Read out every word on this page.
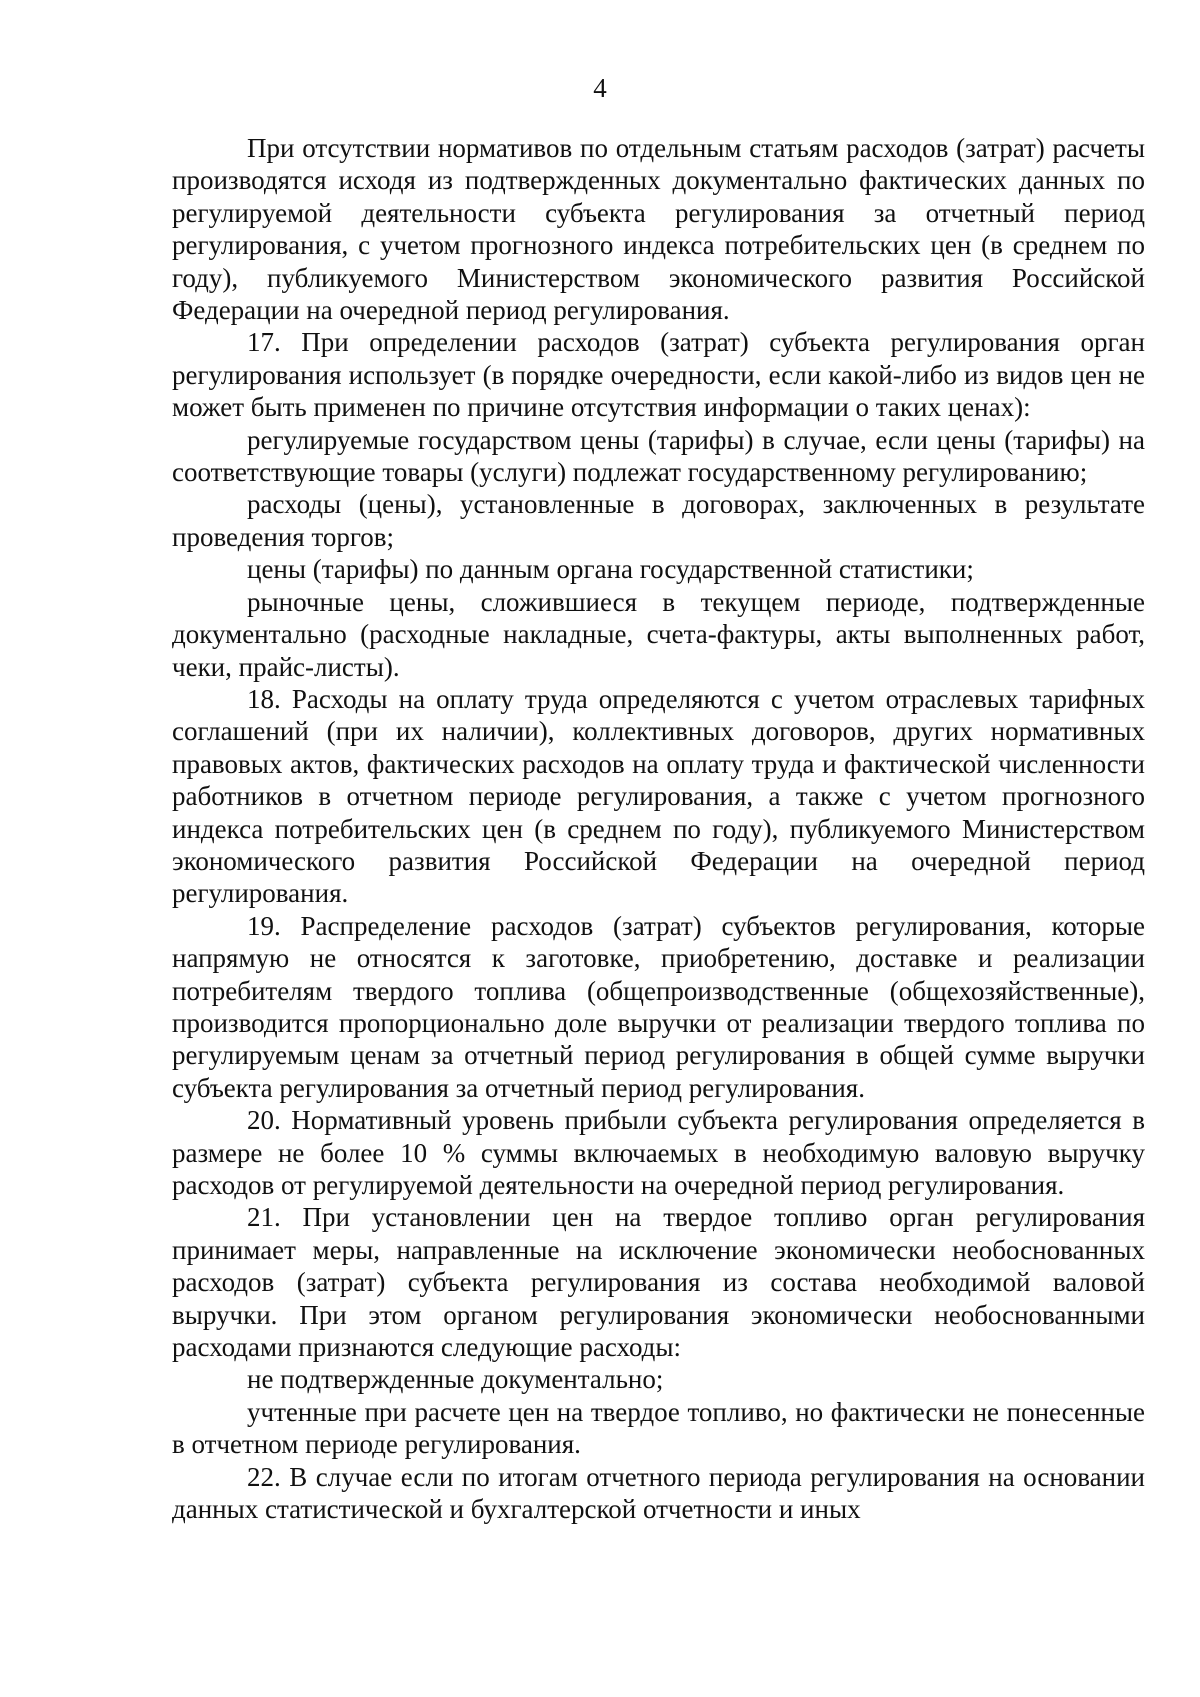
4

При отсутствии нормативов по отдельным статьям расходов (затрат) расчеты производятся исходя из подтвержденных документально фактических данных по регулируемой деятельности субъекта регулирования за отчетный период регулирования, с учетом прогнозного индекса потребительских цен (в среднем по году), публикуемого Министерством экономического развития Российской Федерации на очередной период регулирования.

17. При определении расходов (затрат) субъекта регулирования орган регулирования использует (в порядке очередности, если какой-либо из видов цен не может быть применен по причине отсутствия информации о таких ценах):

регулируемые государством цены (тарифы) в случае, если цены (тарифы) на соответствующие товары (услуги) подлежат государственному регулированию;

расходы (цены), установленные в договорах, заключенных в результате проведения торгов;

цены (тарифы) по данным органа государственной статистики;

рыночные цены, сложившиеся в текущем периоде, подтвержденные документально (расходные накладные, счета-фактуры, акты выполненных работ, чеки, прайс-листы).

18. Расходы на оплату труда определяются с учетом отраслевых тарифных соглашений (при их наличии), коллективных договоров, других нормативных правовых актов, фактических расходов на оплату труда и фактической численности работников в отчетном периоде регулирования, а также с учетом прогнозного индекса потребительских цен (в среднем по году), публикуемого Министерством экономического развития Российской Федерации на очередной период регулирования.

19. Распределение расходов (затрат) субъектов регулирования, которые напрямую не относятся к заготовке, приобретению, доставке и реализации потребителям твердого топлива (общепроизводственные (общехозяйственные), производится пропорционально доле выручки от реализации твердого топлива по регулируемым ценам за отчетный период регулирования в общей сумме выручки субъекта регулирования за отчетный период регулирования.

20. Нормативный уровень прибыли субъекта регулирования определяется в размере не более 10 % суммы включаемых в необходимую валовую выручку расходов от регулируемой деятельности на очередной период регулирования.

21. При установлении цен на твердое топливо орган регулирования принимает меры, направленные на исключение экономически необоснованных расходов (затрат) субъекта регулирования из состава необходимой валовой выручки. При этом органом регулирования экономически необоснованными расходами признаются следующие расходы:

не подтвержденные документально;

учтенные при расчете цен на твердое топливо, но фактически не понесенные в отчетном периоде регулирования.

22. В случае если по итогам отчетного периода регулирования на основании данных статистической и бухгалтерской отчетности и иных
